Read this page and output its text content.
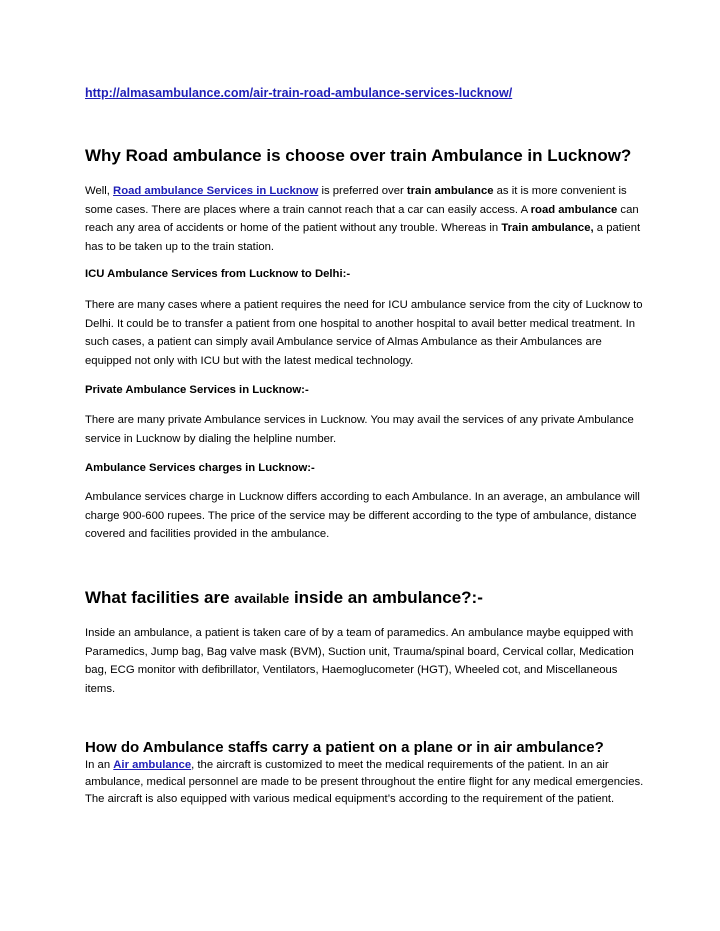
http://almasambulance.com/air-train-road-ambulance-services-lucknow/
Why Road ambulance is choose over train Ambulance in Lucknow?

Well, Road ambulance Services in Lucknow is preferred over train ambulance as it is more convenient is some cases. There are places where a train cannot reach that a car can easily access. A road ambulance can reach any area of accidents or home of the patient without any trouble. Whereas in Train ambulance, a patient has to be taken up to the train station.

ICU Ambulance Services from Lucknow to Delhi:-

There are many cases where a patient requires the need for ICU ambulance service from the city of Lucknow to Delhi. It could be to transfer a patient from one hospital to another hospital to avail better medical treatment. In such cases, a patient can simply avail Ambulance service of Almas Ambulance as their Ambulances are equipped not only with ICU but with the latest medical technology.

Private Ambulance Services in Lucknow:-

There are many private Ambulance services in Lucknow. You may avail the services of any private Ambulance service in Lucknow by dialing the helpline number.

Ambulance Services charges in Lucknow:-

Ambulance services charge in Lucknow differs according to each Ambulance. In an average, an ambulance will charge 900-600 rupees. The price of the service may be different according to the type of ambulance, distance covered and facilities provided in the ambulance.

What facilities are available inside an ambulance?:-

Inside an ambulance, a patient is taken care of by a team of paramedics. An ambulance maybe equipped with Paramedics, Jump bag, Bag valve mask (BVM), Suction unit, Trauma/spinal board, Cervical collar, Medication bag, ECG monitor with defibrillator, Ventilators, Haemoglucometer (HGT), Wheeled cot, and Miscellaneous items.

How do Ambulance staffs carry a patient on a plane or in air ambulance?

In an Air ambulance, the aircraft is customized to meet the medical requirements of the patient. In an air ambulance, medical personnel are made to be present throughout the entire flight for any medical emergencies. The aircraft is also equipped with various medical equipment’s according to the requirement of the patient.
